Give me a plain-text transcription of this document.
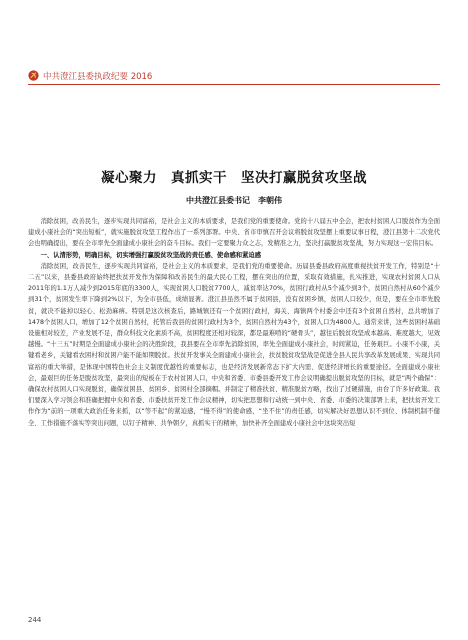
中共澄江县委执政纪要 2016
凝心聚力　真抓实干　坚决打赢脱贫攻坚战
中共澄江县委书记　李朝伟

消除贫困，改善民生，逐步实现共同富裕，是社会主义的本质要求，是我们党的重要使命。党的十八届五中全会，把农村贫困人口脱贫作为全面建成小康社会的“突出短板”，就实施脱贫攻坚工程作出了一系列部署。中央、省市审慎召开会议将脱贫攻坚摆上重要议事日程，澄江县第十二次党代会也明确提出，要在全市率先全面建成小康社会的奋斗目标。我们一定要聚力众之志，发精准之力，坚决打赢脱贫攻坚战，努力实现这一宏伟目标。

一、认清形势，明确目标，切实增强打赢脱贫攻坚战的责任感、使命感和紧迫感

消除贫困，改善民生，逐步实现共同富裕，是社会主义的本质要求，是我们党的重要使命。历届县委县政府高度重视扶贫开发工作，特别是“十二五”以来，县委县政府始终把扶贫开发作为保障和改善民生的最大民心工程，摆在突出的位置，采取有效措施，扎实推进，实现农村贫困人口从2011年的1.1万人减少到2015年底的3300人，实现贫困人口脱贫7700人，减贫率达70%，贫困行政村从5个减少到3个，贫困自然村从60个减少到31个，贫困发生率下降到2%以下，为全市县低，成绩显著。澄江县虽然不属于贫困县，没有贫困乡镇，贫困人口较少，但是，要在全市率先脱贫，就决不能掉以轻心、松劲麻痹。特别是这次核查后，路城镇还有一个贫困行政村，海关、海镇两个村委会中还有3个贫困自然村，总共增加了1478个贫困人口，增加了12个贫困自然村，托管后我县的贫困行政村为3个，贫困自然村为43个，贫困人口为4800人。通常来讲，这些贫困村基础设施相对较差，产业发展不足，群众科技文化素质不高，贫困程度还相对较深，都是最难啃的“硬骨头”，越往后脱贫攻坚成本越高、难度越大，见效越慢。“十三五”时期是全面建成小康社会的决胜阶段，我县要在全市率先消除贫困，率先全面建成小康社会，时间紧迫，任务艰巨。小康不小康，关键看老乡，关键看农困村和贫困户能不能如期脱贫。扶贫开发事关全面建成小康社会，扶贫脱贫攻坚战是促进全县人民共享改革发展成果、实现共同富裕的重大举措，是体现中国特色社会主义制度优越性的重要标志，也是经济发展新常态下扩大内需、促进经济增长的重要途径。全面建成小康社会，最艰巨的任务是脱贫攻坚，最突出的短板在于农村贫困人口，中央和省委、市委县委开发工作会议明确提出脱贫攻坚的目标，就是“两个确保”：确保农村贫困人口实现脱贫，确保贫困县、贫困乡、贫困村全部摘帽。并制定了精准扶贫、精准脱贫方略，找出了过硬措施，由台了许多好政策。我们要深入学习领会和准确把握中央和省委、市委扶贫开发工作会议精神，切实把思想和行动统一到中央、省委、市委的决策部署上来，把扶贫开发工作作为“前的一项重大政治任务来抓，以“等不起”的紧迫感，“慢不得”的使命感，“坐不住”的责任感，切实解决好思想认识不到位、体制机制不健全、工作措施不落实等突出问题，以钉子精神、共争朝夕，真抓实干的精神，加快补齐全面建成小康社会中这块突出短

244
